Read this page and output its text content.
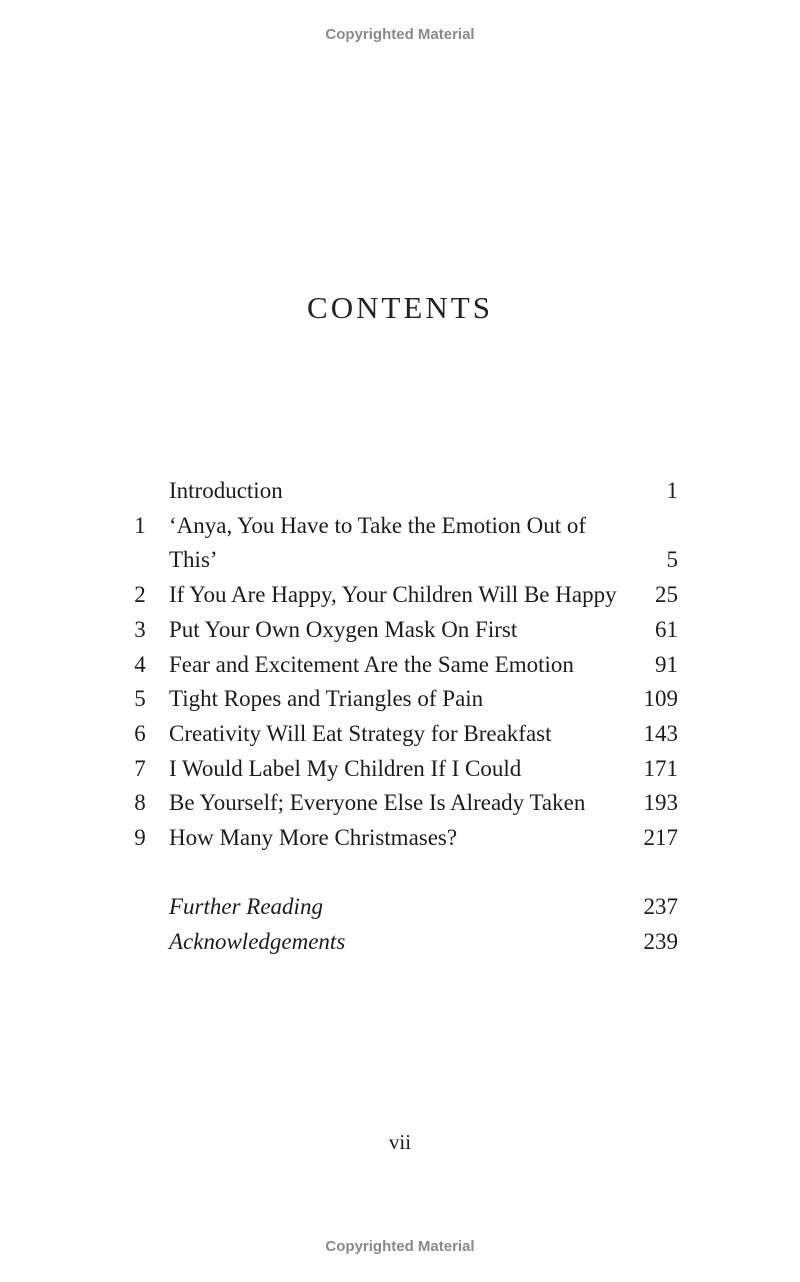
Copyrighted Material
CONTENTS
Introduction	1
1 ‘Anya, You Have to Take the Emotion Out of This’	5
2 If You Are Happy, Your Children Will Be Happy 25
3 Put Your Own Oxygen Mask On First	61
4 Fear and Excitement Are the Same Emotion	91
5 Tight Ropes and Triangles of Pain	109
6 Creativity Will Eat Strategy for Breakfast	143
7 I Would Label My Children If I Could	171
8 Be Yourself; Everyone Else Is Already Taken	193
9 How Many More Christmases?	217
Further Reading	237
Acknowledgements	239
vii
Copyrighted Material
